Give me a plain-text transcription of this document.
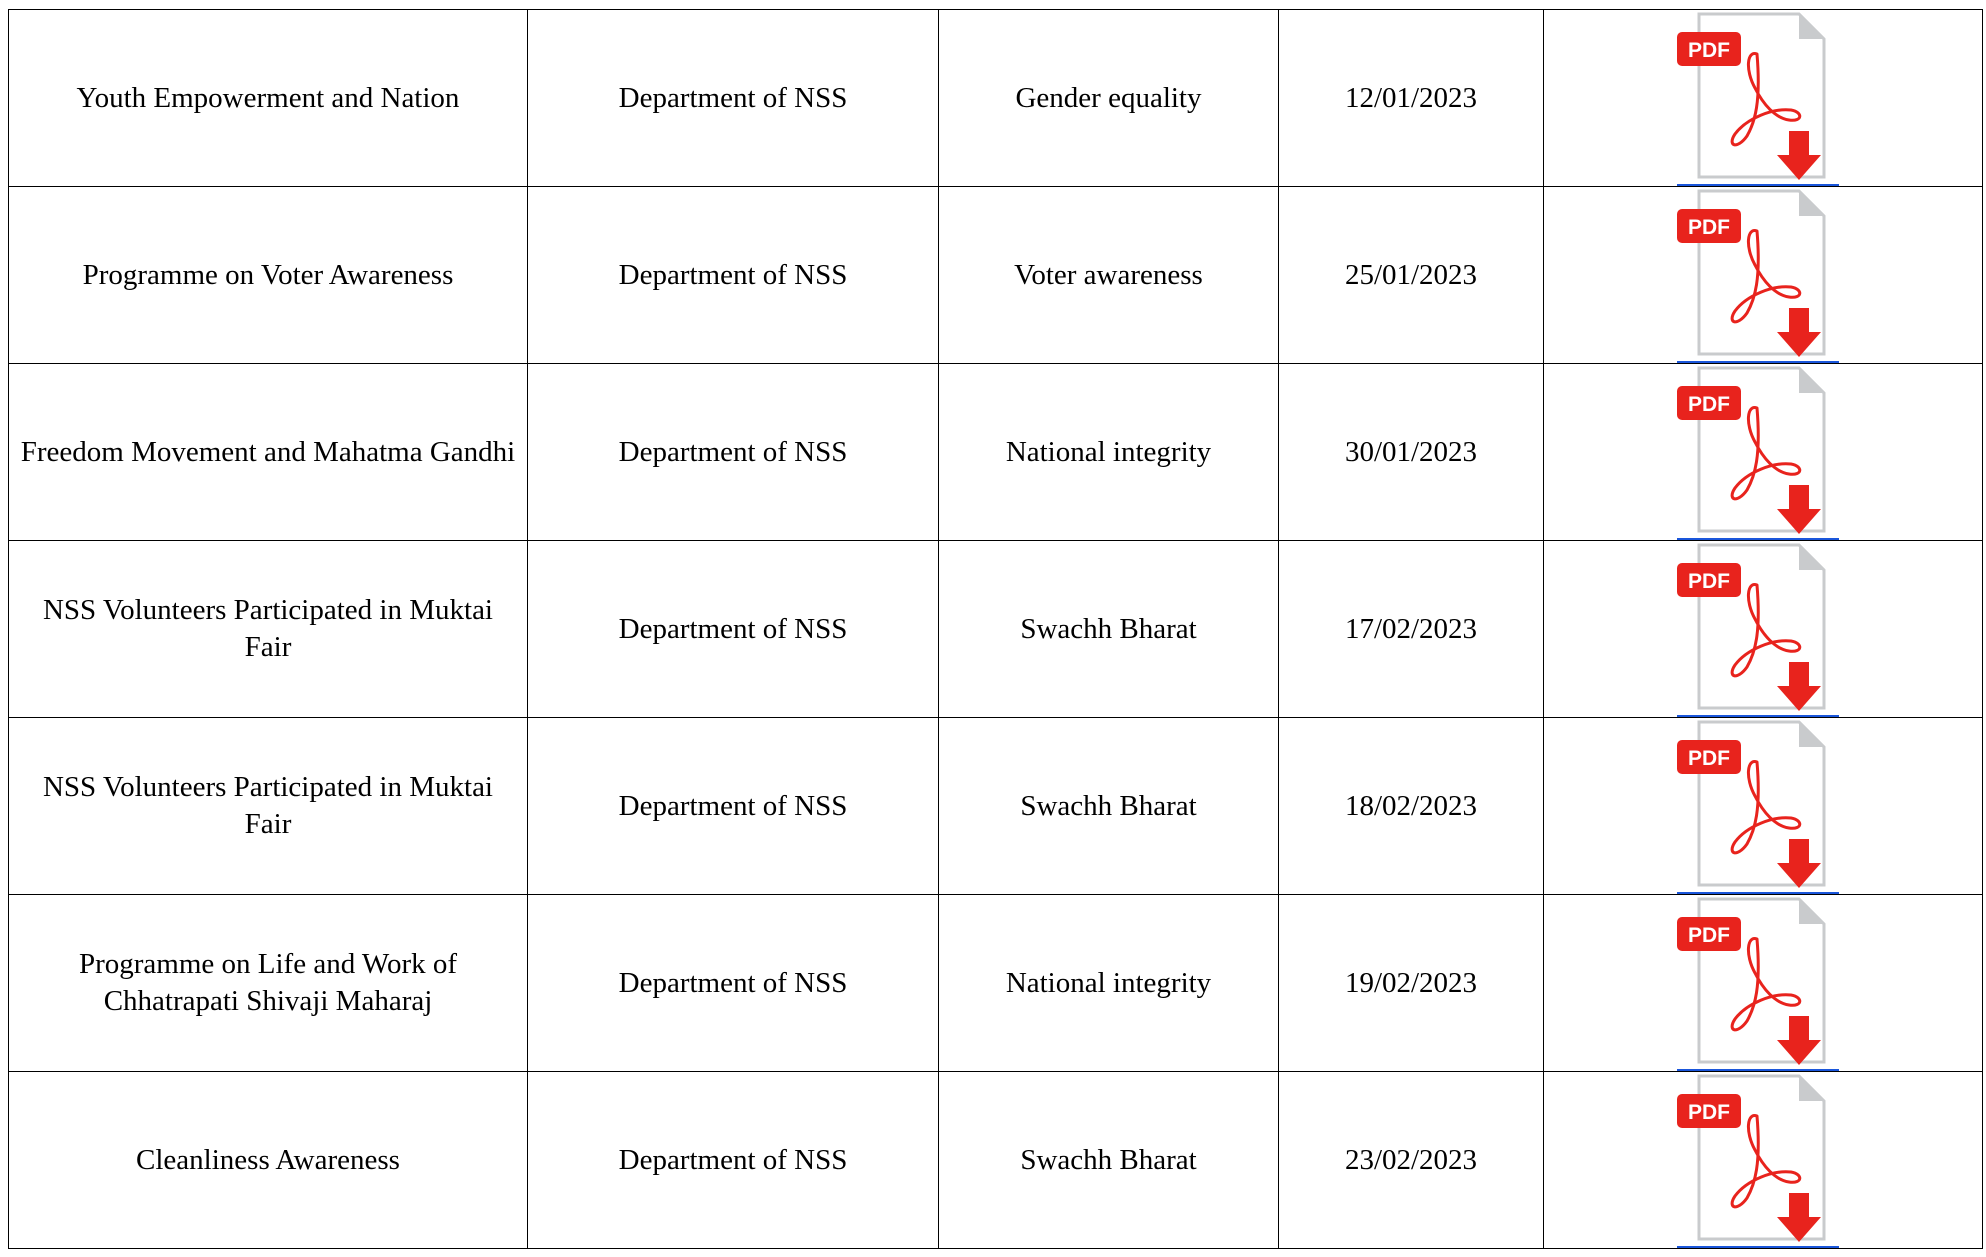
Youth Empowerment and Nation	Department of NSS	Gender equality	12/01/2023	PDF

Programme on Voter Awareness	Department of NSS	Voter awareness	25/01/2023	PDF

Freedom Movement and Mahatma Gandhi	Department of NSS	National integrity	30/01/2023	PDF

NSS Volunteers Participated in Muktai Fair	Department of NSS	Swachh Bharat	17/02/2023	PDF

NSS Volunteers Participated in Muktai Fair	Department of NSS	Swachh Bharat	18/02/2023	PDF

Programme on Life and Work of Chhatrapati Shivaji Maharaj	Department of NSS	National integrity	19/02/2023	PDF

Cleanliness Awareness	Department of NSS	Swachh Bharat	23/02/2023	PDF
